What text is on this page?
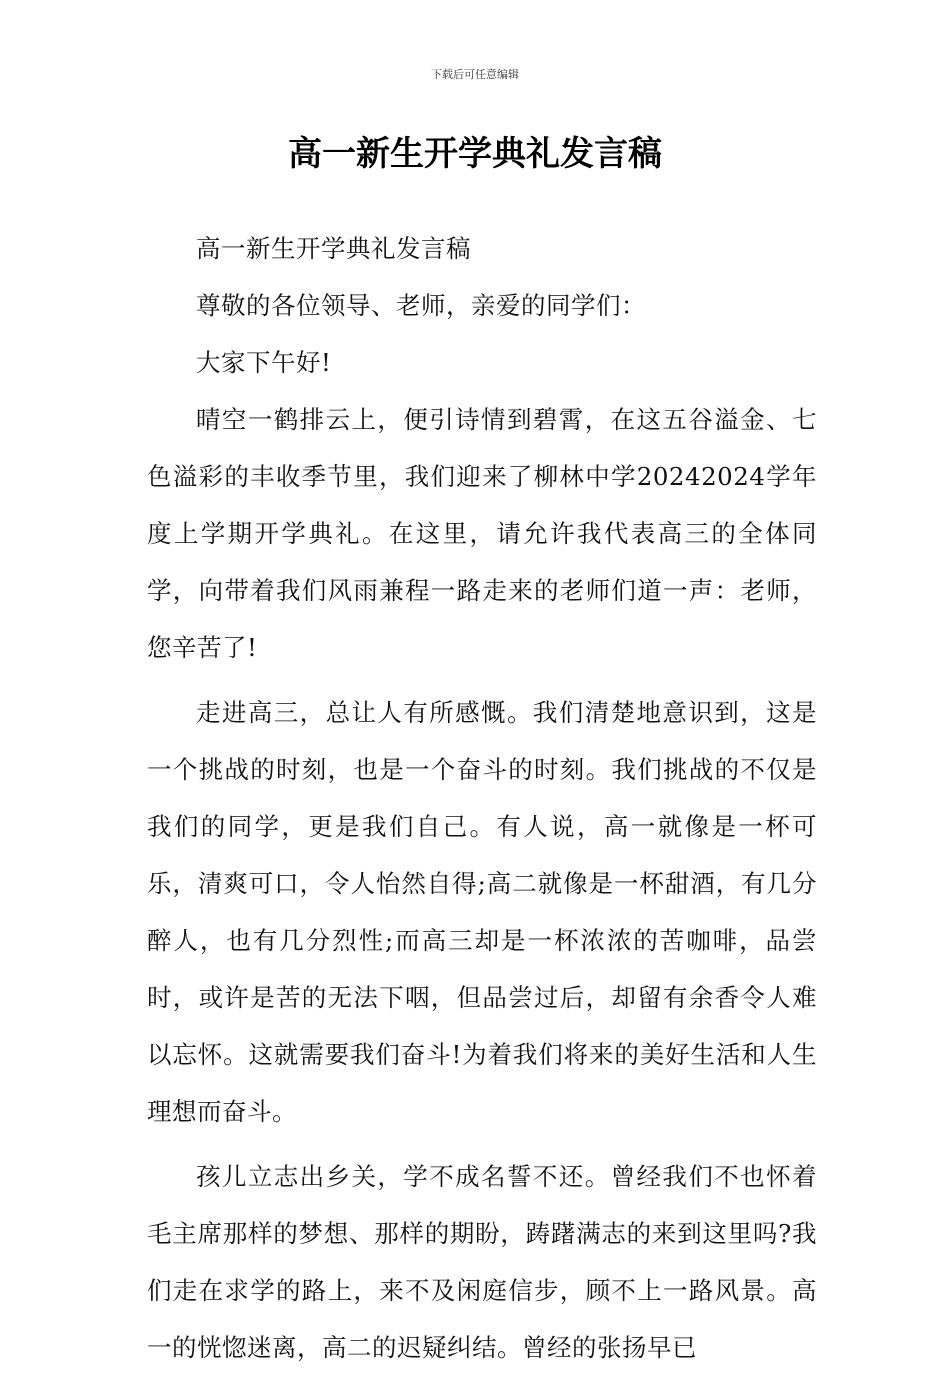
下载后可任意编辑
高一新生开学典礼发言稿

高一新生开学典礼发言稿

尊敬的各位领导、老师，亲爱的同学们：

大家下午好!

晴空一鹤排云上，便引诗情到碧霄，在这五谷溢金、七色溢彩的丰收季节里，我们迎来了柳林中学20242024学年度上学期开学典礼。在这里，请允许我代表高三的全体同学，向带着我们风雨兼程一路走来的老师们道一声：老师，您辛苦了!

走进高三，总让人有所感慨。我们清楚地意识到，这是一个挑战的时刻，也是一个奋斗的时刻。我们挑战的不仅是我们的同学，更是我们自己。有人说，高一就像是一杯可乐，清爽可口，令人怡然自得;高二就像是一杯甜酒，有几分醉人，也有几分烈性;而高三却是一杯浓浓的苦咖啡，品尝时，或许是苦的无法下咽，但品尝过后，却留有余香令人难以忘怀。这就需要我们奋斗!为着我们将来的美好生活和人生理想而奋斗。

孩儿立志出乡关，学不成名誓不还。曾经我们不也怀着毛主席那样的梦想、那样的期盼，踌躇满志的来到这里吗?我们走在求学的路上，来不及闲庭信步，顾不上一路风景。高一的恍惚迷离，高二的迟疑纠结。曾经的张扬早已
